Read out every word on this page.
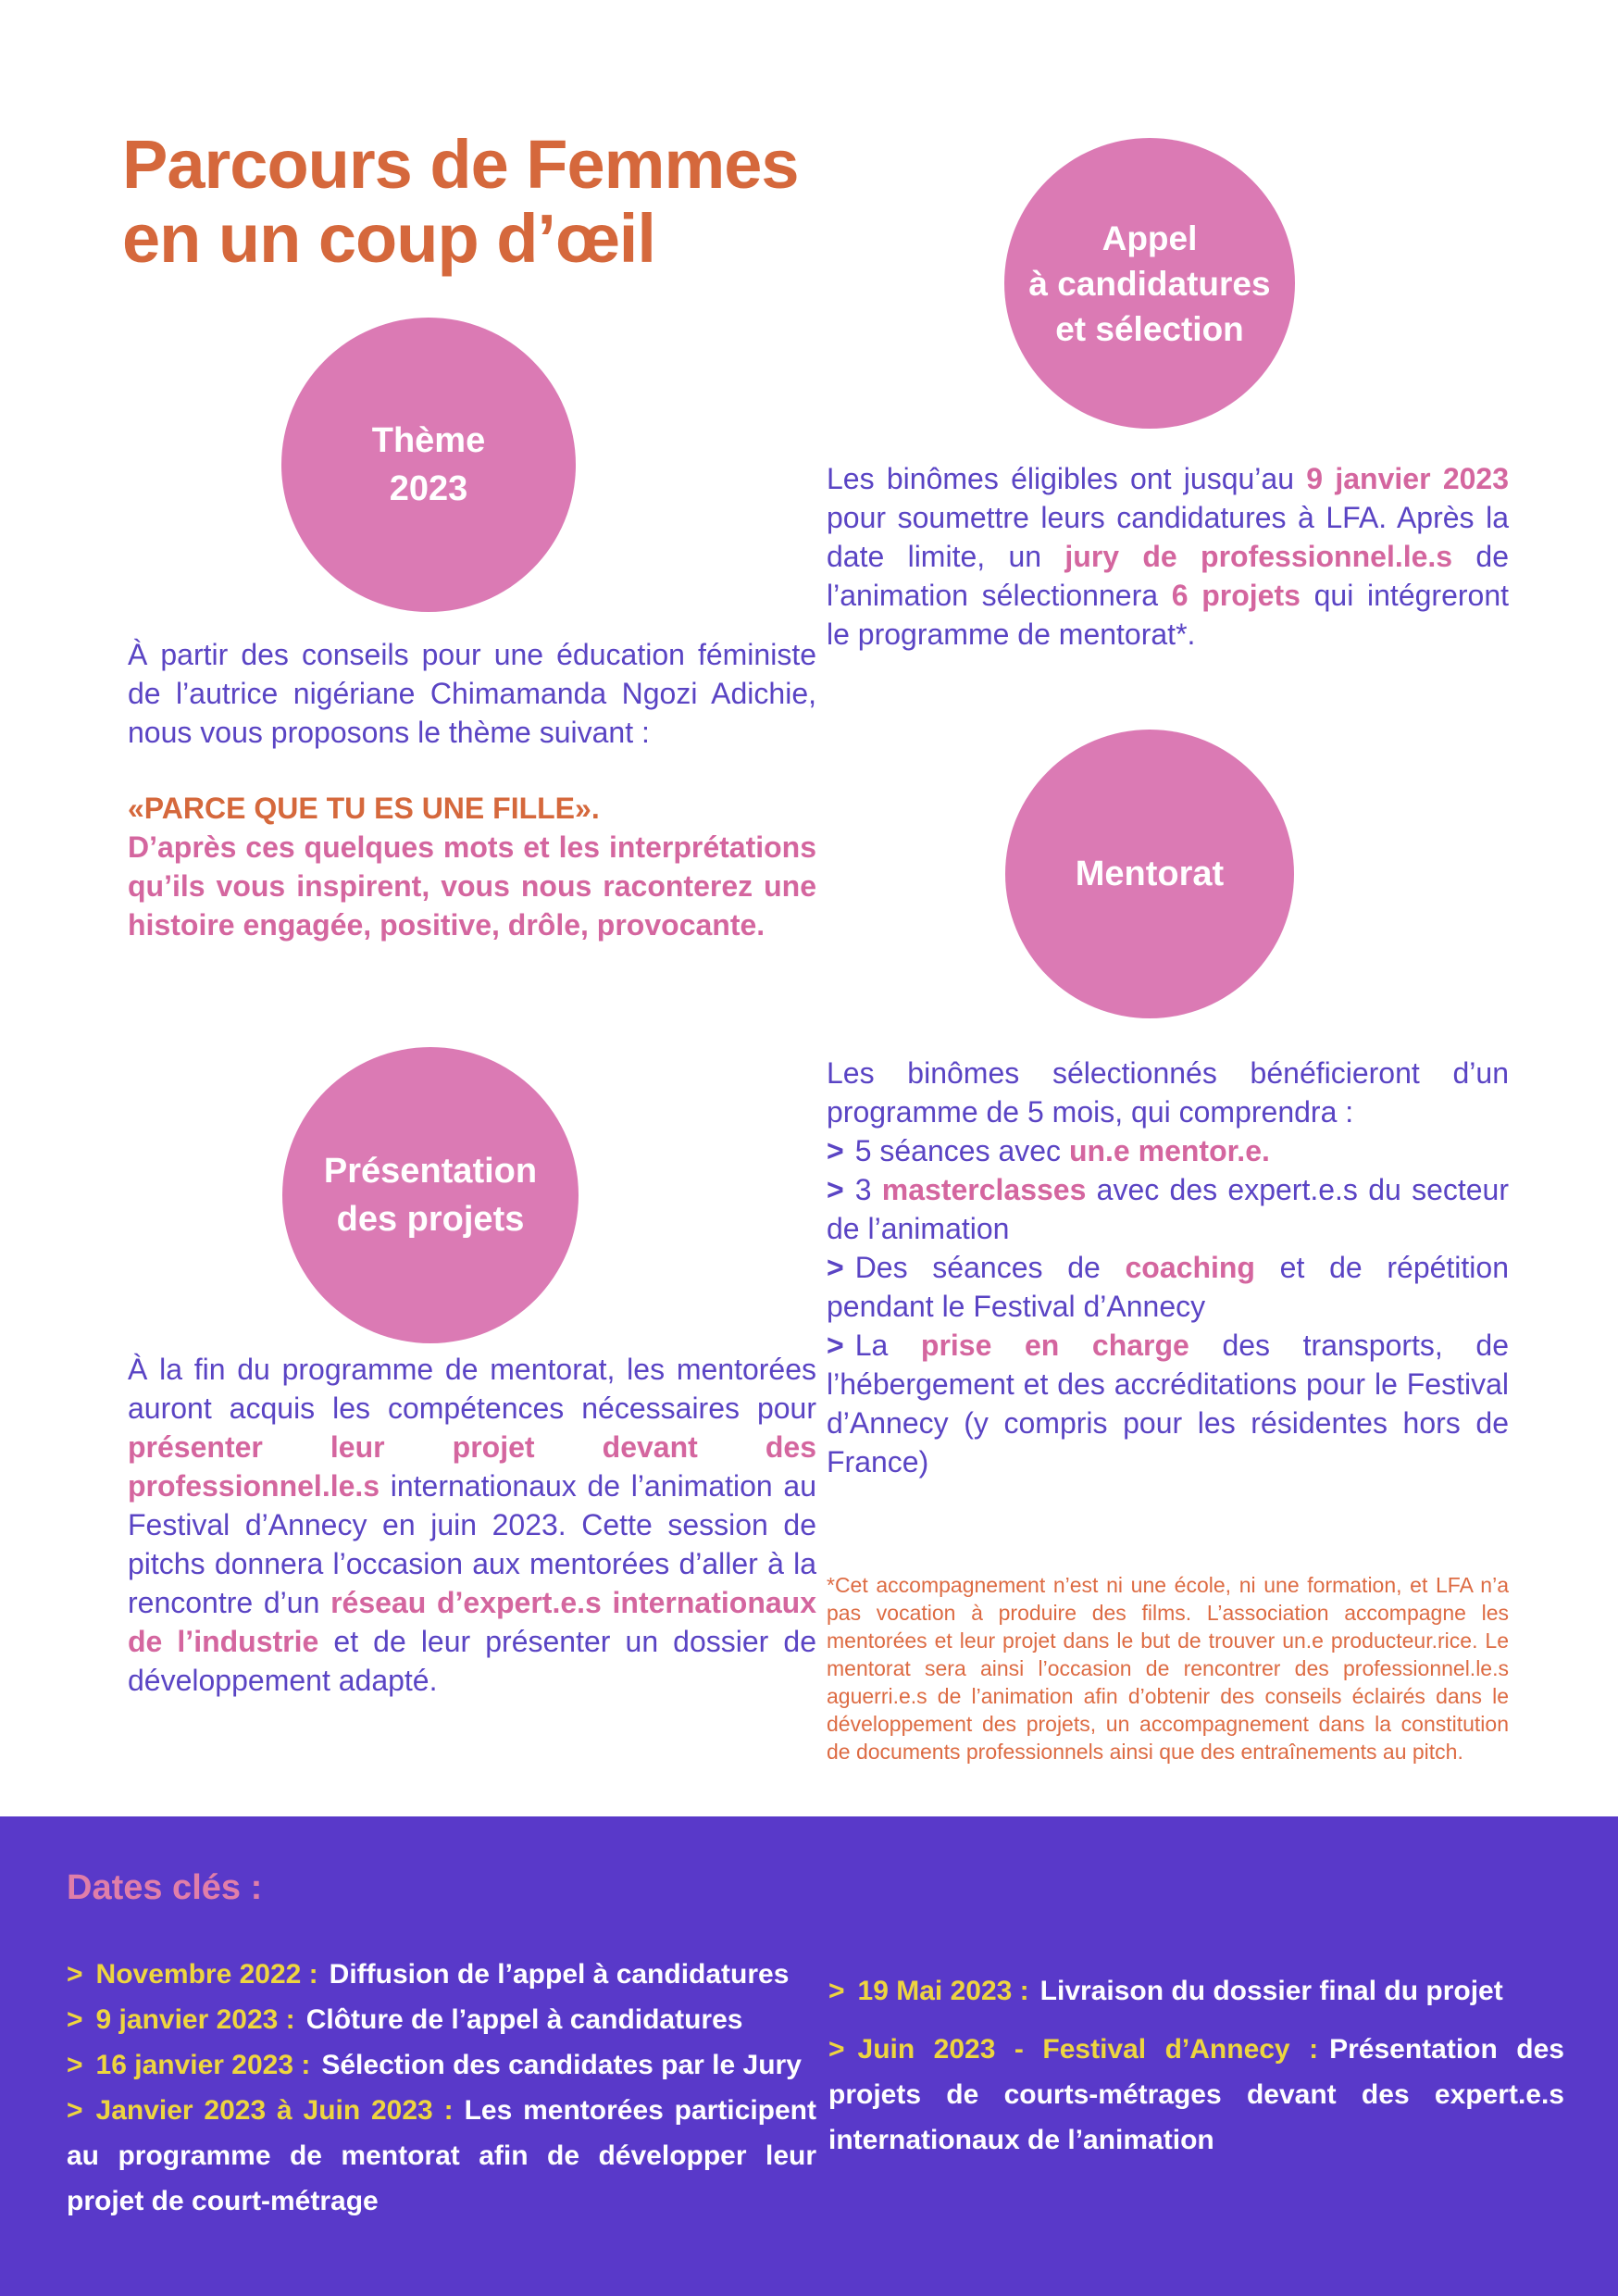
Parcours de Femmes
en un coup d’œil	Appel
à candidatures
et sélection
Thème
2023
Mentorat
Présentation
des projets

Les binômes éligibles ont jusqu’au 9 janvier 2023 pour soumettre leurs candidatures à LFA. Après la date limite, un jury de professionnel.le.s de l’animation sélectionnera 6 projets qui intégreront le programme de mentorat*.

À partir des conseils pour une éducation féministe de l’autrice nigériane Chimamanda Ngozi Adichie, nous vous proposons le thème suivant :

«PARCE QUE TU ES UNE FILLE».

D’après ces quelques mots et les interprétations qu’ils vous inspirent, vous nous raconterez une histoire engagée, positive, drôle, provocante.

Les binômes sélectionnés bénéficieront d’un programme de 5 mois, qui comprendra :

> 5 séances avec un.e mentor.e.

> 3 masterclasses avec des expert.e.s du secteur de l’animation

> Des séances de coaching et de répétition pendant le Festival d’Annecy

> La prise en charge des transports, de l’hébergement et des accréditations pour le Festival d’Annecy (y compris pour les résidentes hors de France)

*Cet accompagnement n’est ni une école, ni une formation, et LFA n’a pas vocation à produire des films. L’association accompagne les mentorées et leur projet dans le but de trouver un.e producteur.rice. Le mentorat sera ainsi l’occasion de rencontrer des professionnel.le.s aguerri.e.s de l’animation afin d’obtenir des conseils éclairés dans le développement des projets, un accompagnement dans la constitution de documents professionnels ainsi que des entraînements au pitch.

À la fin du programme de mentorat, les mentorées auront acquis les compétences nécessaires pour présenter leur projet devant des professionnel.le.s internationaux de l’animation au Festival d’Annecy en juin 2023. Cette session de pitchs donnera l’occasion aux mentorées d’aller à la rencontre d’un réseau d’expert.e.s internationaux de l’industrie et de leur présenter un dossier de développement adapté.

Dates clés :

> Novembre 2022 : Diffusion de l’appel à candidatures

> 9 janvier 2023 : Clôture de l’appel à candidatures

> 16 janvier 2023 : Sélection des candidates par le Jury

> Janvier 2023 à Juin 2023 : Les mentorées participent au programme de mentorat afin de développer leur projet de court-métrage

> 19 Mai 2023 : Livraison du dossier final du projet

> Juin 2023 - Festival d’Annecy : Présentation des projets de courts-métrages devant des expert.e.s internationaux de l’animation
